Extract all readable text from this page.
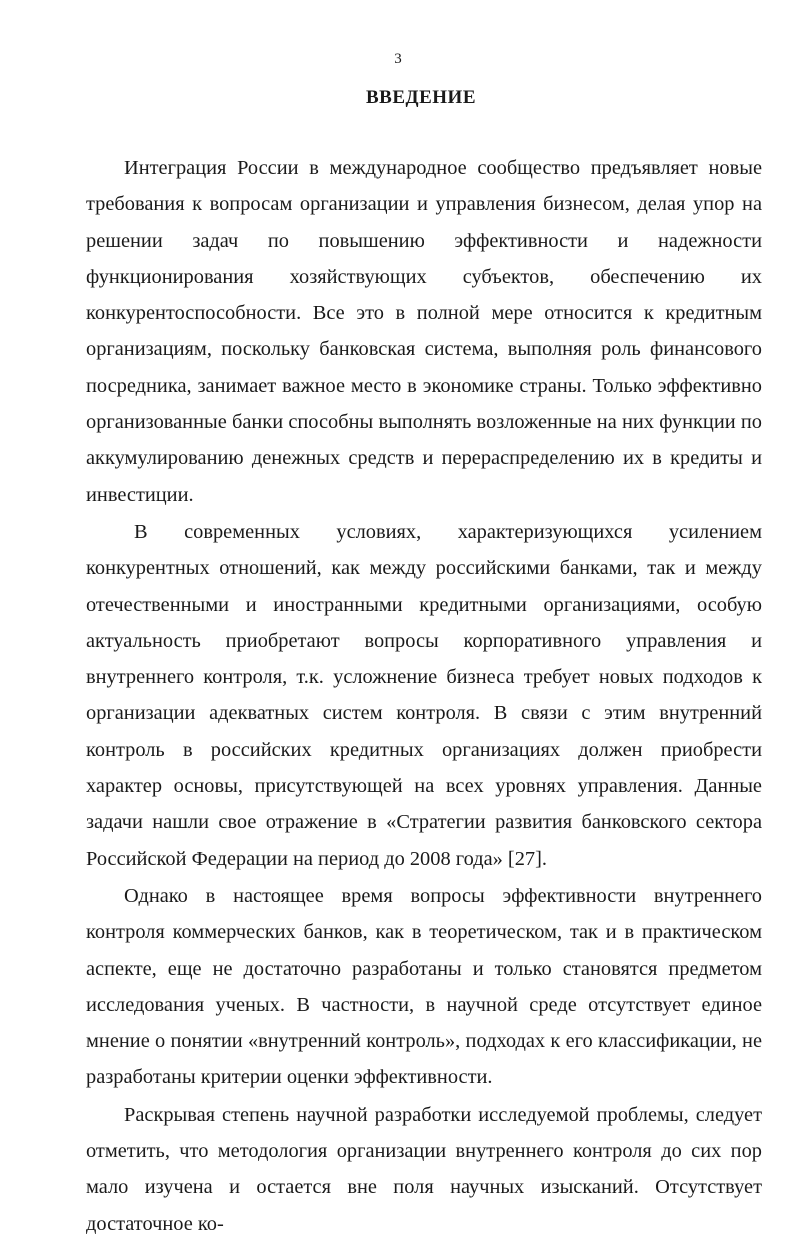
3
ВВЕДЕНИЕ

Интеграция России в международное сообщество предъявляет новые требования к вопросам организации и управления бизнесом, делая упор на решении задач по повышению эффективности и надежности функционирования хозяйствующих субъектов, обеспечению их конкурентоспособности. Все это в полной мере относится к кредитным организациям, поскольку банковская система, выполняя роль финансового посредника, занимает важное место в экономике страны. Только эффективно организованные банки способны выполнять возложенные на них функции по аккумулированию денежных средств и перераспределению их в кредиты и инвестиции.

В современных условиях, характеризующихся усилением конкурентных отношений, как между российскими банками, так и между отечественными и иностранными кредитными организациями, особую актуальность приобретают вопросы корпоративного управления и внутреннего контроля, т.к. усложнение бизнеса требует новых подходов к организации адекватных систем контроля. В связи с этим внутренний контроль в российских кредитных организациях должен приобрести характер основы, присутствующей на всех уровнях управления. Данные задачи нашли свое отражение в «Стратегии развития банковского сектора Российской Федерации на период до 2008 года» [27].

Однако в настоящее время вопросы эффективности внутреннего контроля коммерческих банков, как в теоретическом, так и в практическом аспекте, еще не достаточно разработаны и только становятся предметом исследования ученых. В частности, в научной среде отсутствует единое мнение о понятии «внутренний контроль», подходах к его классификации, не разработаны критерии оценки эффективности.

Раскрывая степень научной разработки исследуемой проблемы, следует отметить, что методология организации внутреннего контроля до сих пор мало изучена и остается вне поля научных изысканий. Отсутствует достаточное ко-
